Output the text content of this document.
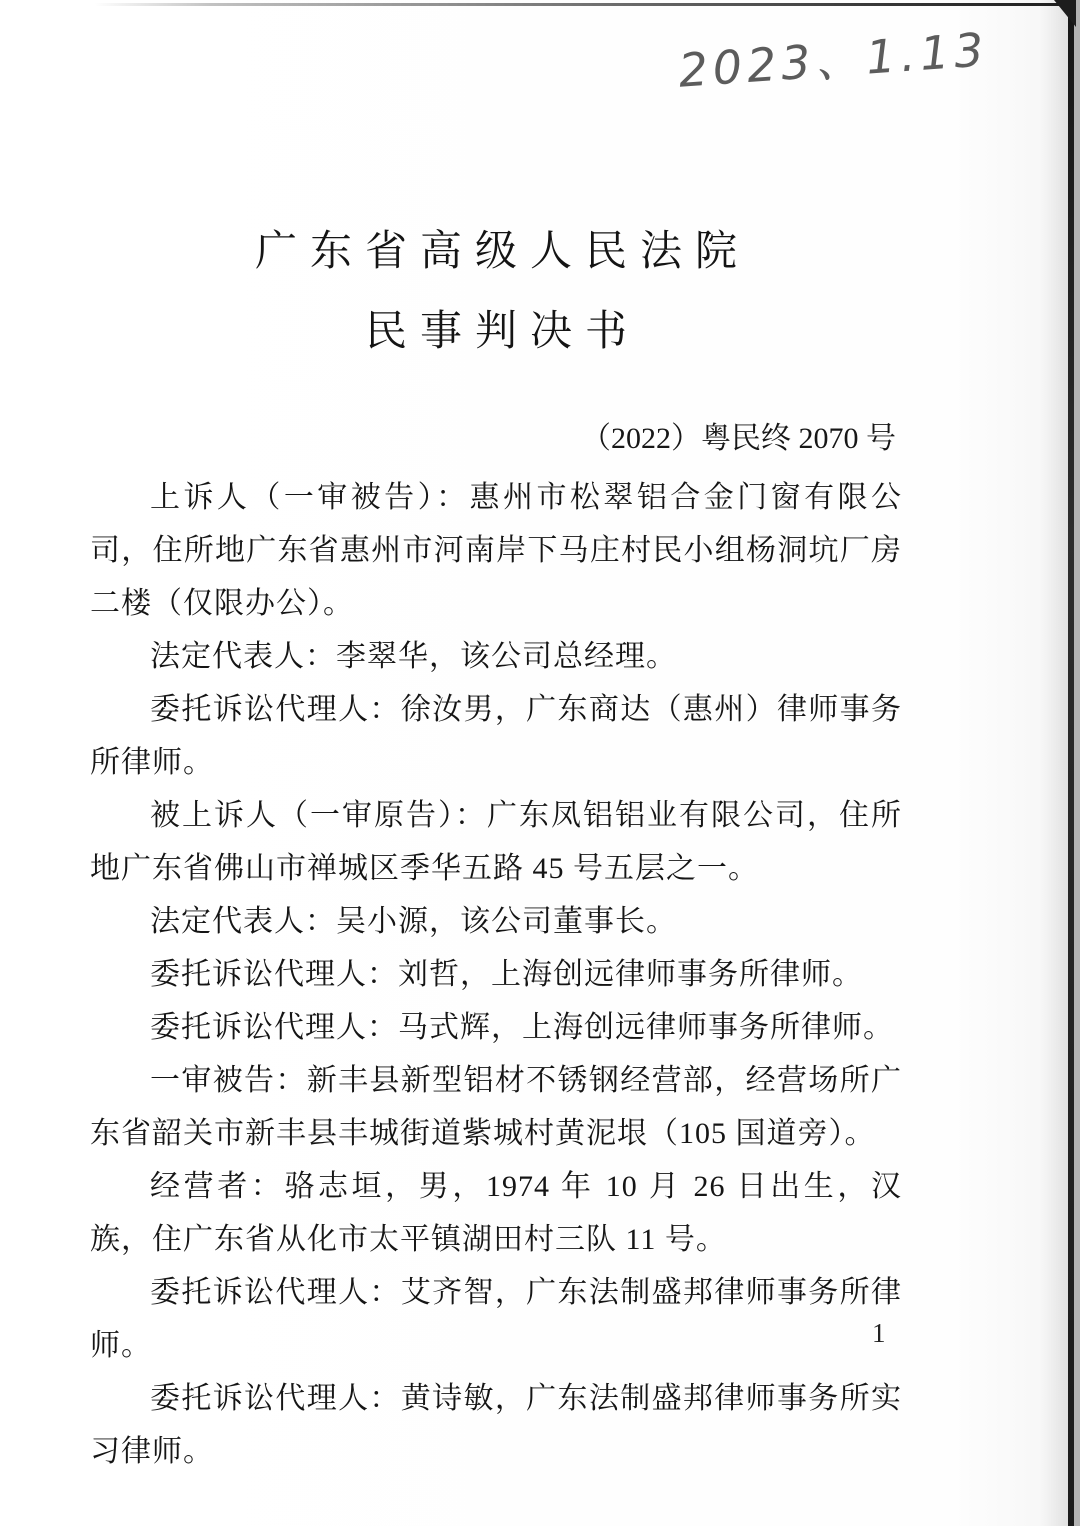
2023、1.13
广东省高级人民法院
民事判决书
（2022）粤民终 2070 号

上诉人（一审被告）：惠州市松翠铝合金门窗有限公司，住所地广东省惠州市河南岸下马庄村民小组杨洞坑厂房二楼（仅限办公）。

法定代表人：李翠华，该公司总经理。

委托诉讼代理人：徐汝男，广东商达（惠州）律师事务所律师。

被上诉人（一审原告）：广东凤铝铝业有限公司，住所地广东省佛山市禅城区季华五路 45 号五层之一。

法定代表人：吴小源，该公司董事长。

委托诉讼代理人：刘哲，上海创远律师事务所律师。

委托诉讼代理人：马式辉，上海创远律师事务所律师。

一审被告：新丰县新型铝材不锈钢经营部，经营场所广东省韶关市新丰县丰城街道紫城村黄泥垠（105 国道旁）。

经营者：骆志垣，男，1974 年 10 月 26 日出生，汉族，住广东省从化市太平镇湖田村三队 11 号。

委托诉讼代理人：艾齐智，广东法制盛邦律师事务所律师。

委托诉讼代理人：黄诗敏，广东法制盛邦律师事务所实习律师。

1
